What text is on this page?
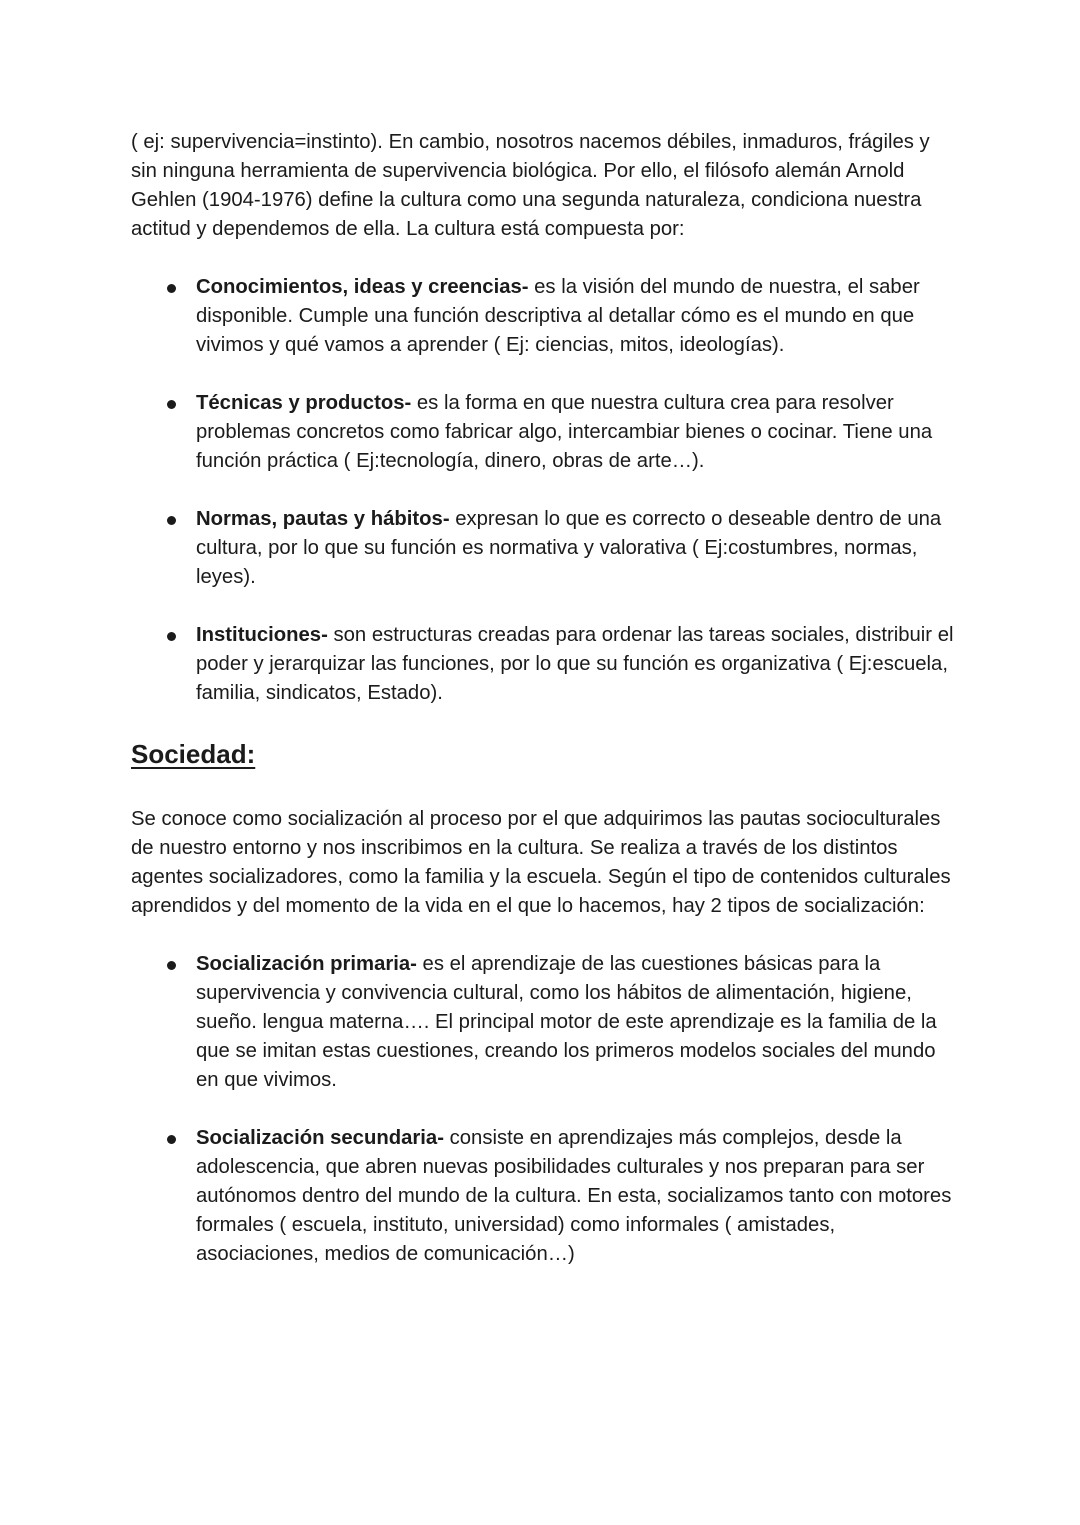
( ej: supervivencia=instinto). En cambio, nosotros nacemos débiles, inmaduros, frágiles y sin ninguna herramienta de supervivencia biológica. Por ello, el filósofo alemán Arnold Gehlen (1904-1976) define la cultura como una segunda naturaleza, condiciona nuestra actitud y dependemos de ella. La cultura está compuesta por:

Conocimientos, ideas y creencias- es la visión del mundo de nuestra, el saber disponible. Cumple una función descriptiva al detallar cómo es el mundo en que vivimos y qué vamos a aprender ( Ej: ciencias, mitos, ideologías).
Técnicas y productos- es la forma en que nuestra cultura crea para resolver problemas concretos como fabricar algo, intercambiar bienes o cocinar. Tiene una función práctica ( Ej:tecnología, dinero, obras de arte…).
Normas, pautas y hábitos- expresan lo que es correcto o deseable dentro de una cultura, por lo que su función es normativa y valorativa ( Ej:costumbres, normas, leyes).
Instituciones- son estructuras creadas para ordenar las tareas sociales, distribuir el poder y jerarquizar las funciones, por lo que su función es organizativa ( Ej:escuela, familia, sindicatos, Estado).
Sociedad:

Se conoce como socialización al proceso por el que adquirimos las pautas socioculturales de nuestro entorno y nos inscribimos en la cultura. Se realiza a través de los distintos agentes socializadores, como la familia y la escuela. Según el tipo de contenidos culturales aprendidos y del momento de la vida en el que lo hacemos, hay 2 tipos de socialización:

Socialización primaria- es el aprendizaje de las cuestiones básicas para la supervivencia y convivencia cultural, como los hábitos de alimentación, higiene, sueño. lengua materna…. El principal motor de este aprendizaje es la familia de la que se imitan estas cuestiones, creando los primeros modelos sociales del mundo en que vivimos.
Socialización secundaria- consiste en aprendizajes más complejos, desde la adolescencia, que abren nuevas posibilidades culturales y nos preparan para ser autónomos dentro del mundo de la cultura. En esta, socializamos tanto con motores formales ( escuela, instituto, universidad) como informales ( amistades, asociaciones, medios de comunicación…)
